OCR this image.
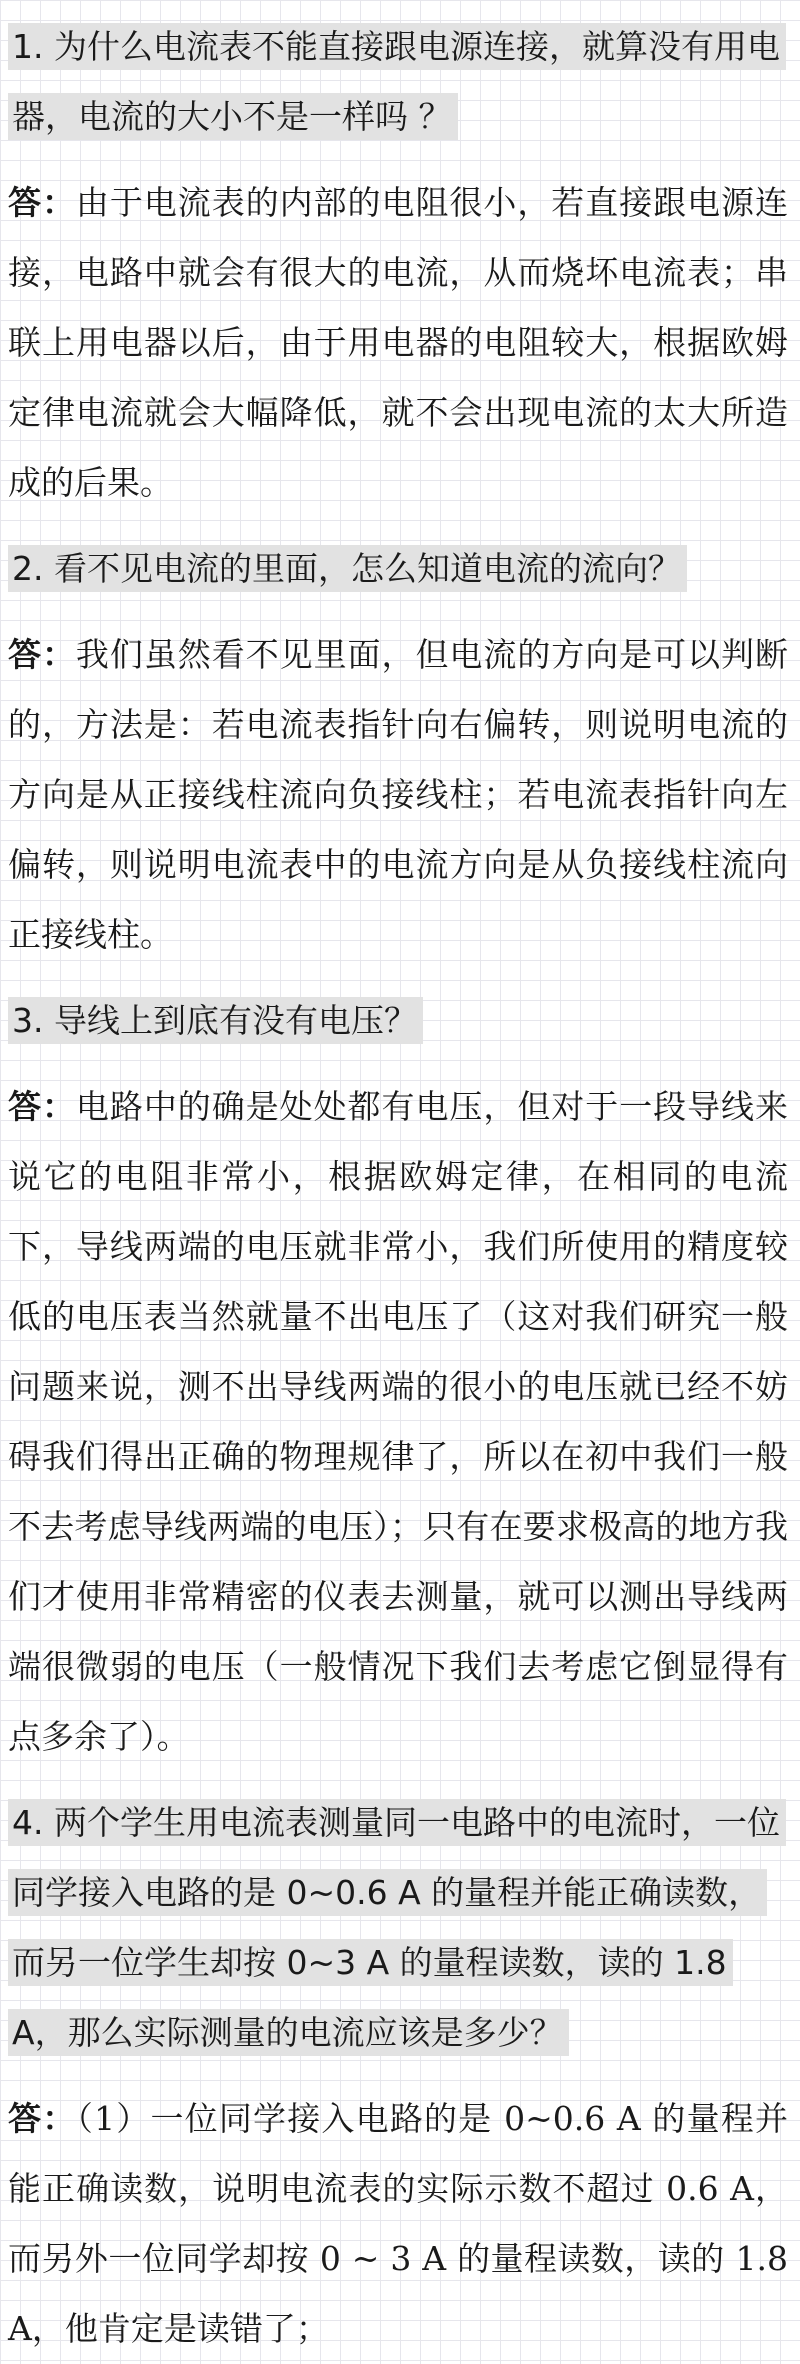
1. 为什么电流表不能直接跟电源连接，就算没有用电器，电流的大小不是一样吗 ？

答：由于电流表的内部的电阻很小，若直接跟电源连接，电路中就会有很大的电流，从而烧坏电流表；串联上用电器以后，由于用电器的电阻较大，根据欧姆定律电流就会大幅降低，就不会出现电流的太大所造成的后果。

2. 看不见电流的里面，怎么知道电流的流向？

答：我们虽然看不见里面，但电流的方向是可以判断的，方法是：若电流表指针向右偏转，则说明电流的方向是从正接线柱流向负接线柱；若电流表指针向左偏转，则说明电流表中的电流方向是从负接线柱流向正接线柱。

3. 导线上到底有没有电压？

答：电路中的确是处处都有电压，但对于一段导线来说它的电阻非常小，根据欧姆定律，在相同的电流下，导线两端的电压就非常小，我们所使用的精度较低的电压表当然就量不出电压了（这对我们研究一般问题来说，测不出导线两端的很小的电压就已经不妨碍我们得出正确的物理规律了，所以在初中我们一般不去考虑导线两端的电压）；只有在要求极高的地方我们才使用非常精密的仪表去测量，就可以测出导线两端很微弱的电压（一般情况下我们去考虑它倒显得有点多余了）。

4. 两个学生用电流表测量同一电路中的电流时，一位同学接入电路的是 0~0.6 A 的量程并能正确读数，而另一位学生却按 0~3 A 的量程读数，读的 1.8 A，那么实际测量的电流应该是多少？

答：（1）一位同学接入电路的是 0~0.6 A 的量程并能正确读数，说明电流表的实际示数不超过 0.6 A，而另外一位同学却按 0 ~ 3 A 的量程读数，读的 1.8 A，他肯定是读错了；
